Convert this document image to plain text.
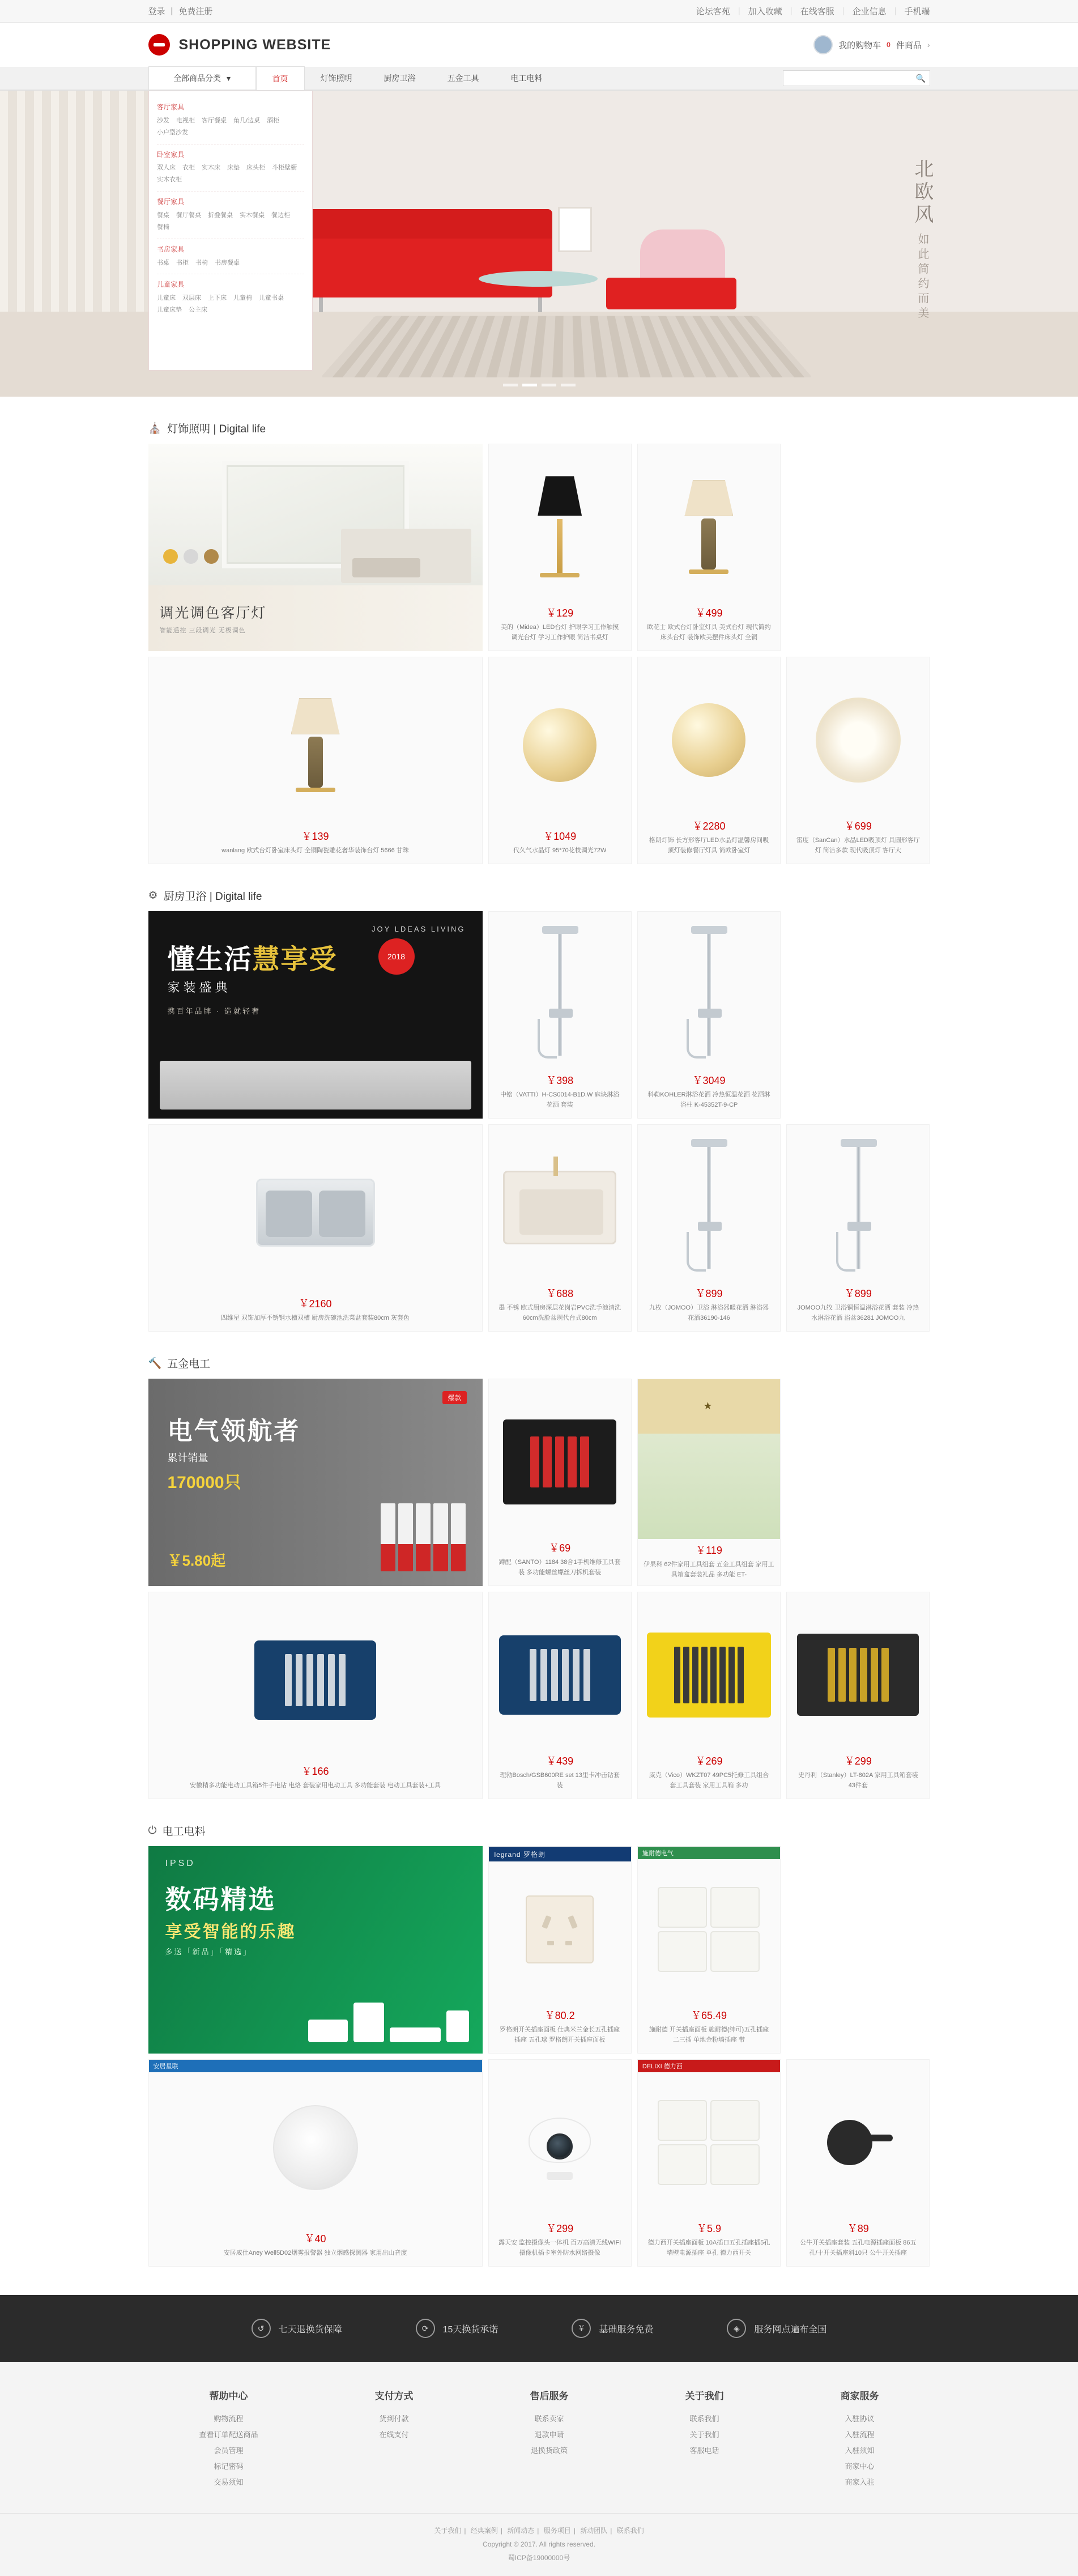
登录 | 免费注册	论坛客苑 | 加入收藏 | 在线客服 | 企业信息 | 手机端
SHOPPING WEBSITE	我的购物车 0 件商品 ›
全部商品分类 ▾	首页	灯饰照明	厨房卫浴	五金工具	电工电料	🔍
北欧风 如此简约而美
客厅家具
沙发 电视柜 客厅餐桌 角几/边桌 酒柜
小户型沙发
卧室家具
双人床 衣柜 实木床 床垫 床头柜 斗柜壁橱
实木衣柜
餐厅家具
餐桌 餐厅餐桌 折叠餐桌 实木餐桌 餐边柜
餐椅
书房家具
书桌 书柜 书椅 书房餐桌
儿童家具
儿童床 双层床 上下床 儿童椅 儿童书桌
儿童床垫 公主床
⛪ 灯饰照明 | Digital life
调光调色客厅灯
智能遥控 三段调光 无极调色
￥129
美的（Midea）LED台灯 护眼学习工作触摸调光台灯 学习工作护眼 简洁书桌灯
￥499
欧花士 欧式台灯卧室灯具 美式台灯 现代简约床头台灯 装饰欧美摆件床头灯 全铜
￥139
wanlang 欧式台灯卧室床头灯 全铜陶瓷雕花奢华装饰台灯 5666 甘珠
￥1049
代久气水晶灯 95*70花枝调光72W
￥2280
格朗灯饰 长方形客厅LED水晶灯温馨房间吸顶灯装修餐厅灯具 简欧卧室灯
￥699
雷度（SanCan）水晶LED吸顶灯 具圆形客厅灯 简洁多款 现代吸顶灯 客厅大
⚙ 厨房卫浴 | Digital life
JOY LDEAS LIVING
懂生活慧享受
家装盛典
携百年品牌 · 造就轻奢
2018
￥398
中铭（VATTI）H-CS0014-B1D.W 麻块淋浴 花洒 套装
￥3049
科勒KOHLER淋浴花洒 冷热恒温花洒 花洒淋浴柱 K-45352T-9-CP
￥2160
四维星 双饰加厚不锈钢水槽双槽 厨房洗碗池洗菜盆套装80cm 灰套色
￥688
墨 不锈 欧式厨房深层花岗岩PVC洗手池清洗60cm洗脸盆现代台式80cm
￥899
九枚（JOMOO）卫浴 淋浴器暖花洒 淋浴器花洒36190-146
￥899
JOMOO九牧 卫浴铜恒温淋浴花洒 套装 冷热水淋浴花洒 浴盆36281 JOMOO九
🔨 五金电工
爆款
电气领航者
累计销量
170000只
￥5.80起
￥69
蹲配（SANTO）1184 38合1手机维修工具套装 多功能螺丝螺丝刀拆机套装
★
￥119
伊果科 62件家用工具组套 五金工具组套 家用工具箱盒套装礼品 多功能 ET-
￥166
安徽精多功能电动工具箱5件手电钻 电烙 套装家用电动工具 多功能套装 电动工具套装+工具
￥439
理勃Bosch/GSB600RE set 13里卡冲击钻套装
￥269
威克（Vico）WKZT07 49PC5托修工具组合 套工具套装 家用工具箱 多功
￥299
史丹利（Stanley）LT-802A 家用工具箱套装43件套
⏻ 电工电料
IPSD
数码精选
享受智能的乐趣
多送「新品」「精选」
legrand 罗格朗
￥80.2
罗格朗开关插座面板 仕典米兰金长五孔插座插座 五孔球 罗格朗开关插座面板
施耐德电气
￥65.49
施耐德 开关插座面板 施耐德(绅可)五孔插座 二三插 单地金粉墙插座 带
安居星联
￥40
安居威仕Aney Well5D02烟雾报警器 独立烟感探测器 家用出山音度
￥299
露天安 监控摄像头一体机 百万高清无线WIFI摄像机插卡室外防水网络摄像
DELIXI 德力西
￥5.9
德力西开关插座面板 10A插口五孔插座插5孔墙壁电源插座 单孔 德力西开关
￥89
公牛开关插座套装 五孔电源插座面板 86五孔/十开关插座斜10只 公牛开关插座
↺	七天退换货保障	⟳	15天换货承诺	￥	基础服务免费	◈	服务网点遍布全国
帮助中心
购物流程
查看订单配送商品
会员管理
标记密码
交易须知
支付方式
货到付款
在线支付
售后服务
联系卖家
退款申请
退换货政策
关于我们
联系我们
关于我们
客服电话
商家服务
入驻协议
入驻流程
入驻须知
商家中心
商家入驻
关于我们 | 经典案例 | 新闻动态 | 服务项目 | 新动团队 | 联系我们
Copyright © 2017. All rights reserved.
蜀ICP备19000000号
